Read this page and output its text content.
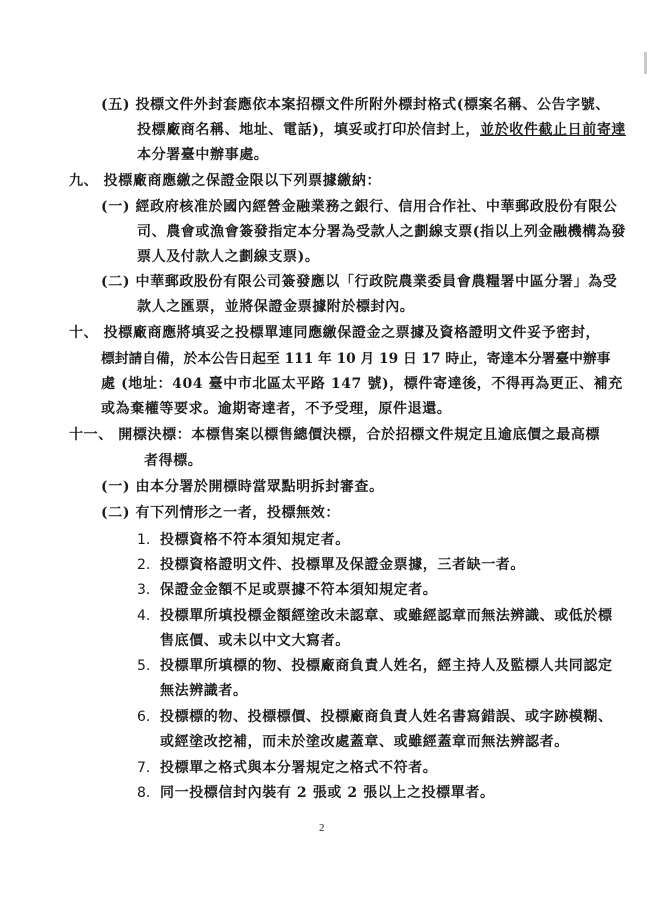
(五) 投標文件外封套應依本案招標文件所附外標封格式(標案名稱、公告字號、
投標廠商名稱、地址、電話)，填妥或打印於信封上，並於收件截止日前寄達
本分署臺中辦事處。
九、 投標廠商應繳之保證金限以下列票據繳納：
(一) 經政府核准於國內經營金融業務之銀行、信用合作社、中華郵政股份有限公
司、農會或漁會簽發指定本分署為受款人之劃線支票(指以上列金融機構為發
票人及付款人之劃線支票)。
(二) 中華郵政股份有限公司簽發應以「行政院農業委員會農糧署中區分署」為受
款人之匯票，並將保證金票據附於標封內。
十、 投標廠商應將填妥之投標單連同應繳保證金之票據及資格證明文件妥予密封，
標封請自備，於本公告日起至 111 年 10 月 19 日 17 時止，寄達本分署臺中辦事
處 (地址：404 臺中市北區太平路 147 號)，標件寄達後，不得再為更正、補充
或為棄權等要求。逾期寄達者，不予受理，原件退還。
十一、 開標決標：本標售案以標售總價決標，合於招標文件規定且逾底價之最高標
者得標。
(一) 由本分署於開標時當眾點明拆封審查。
(二) 有下列情形之一者，投標無效：
1. 投標資格不符本須知規定者。
2. 投標資格證明文件、投標單及保證金票據，三者缺一者。
3. 保證金金額不足或票據不符本須知規定者。
4. 投標單所填投標金額經塗改未認章、或雖經認章而無法辨識、或低於標
售底價、或未以中文大寫者。
5. 投標單所填標的物、投標廠商負責人姓名，經主持人及監標人共同認定
無法辨識者。
6. 投標標的物、投標標價、投標廠商負責人姓名書寫錯誤、或字跡模糊、
或經塗改挖補，而未於塗改處蓋章、或雖經蓋章而無法辨認者。
7. 投標單之格式與本分署規定之格式不符者。
8. 同一投標信封內裝有 2 張或 2 張以上之投標單者。
2
